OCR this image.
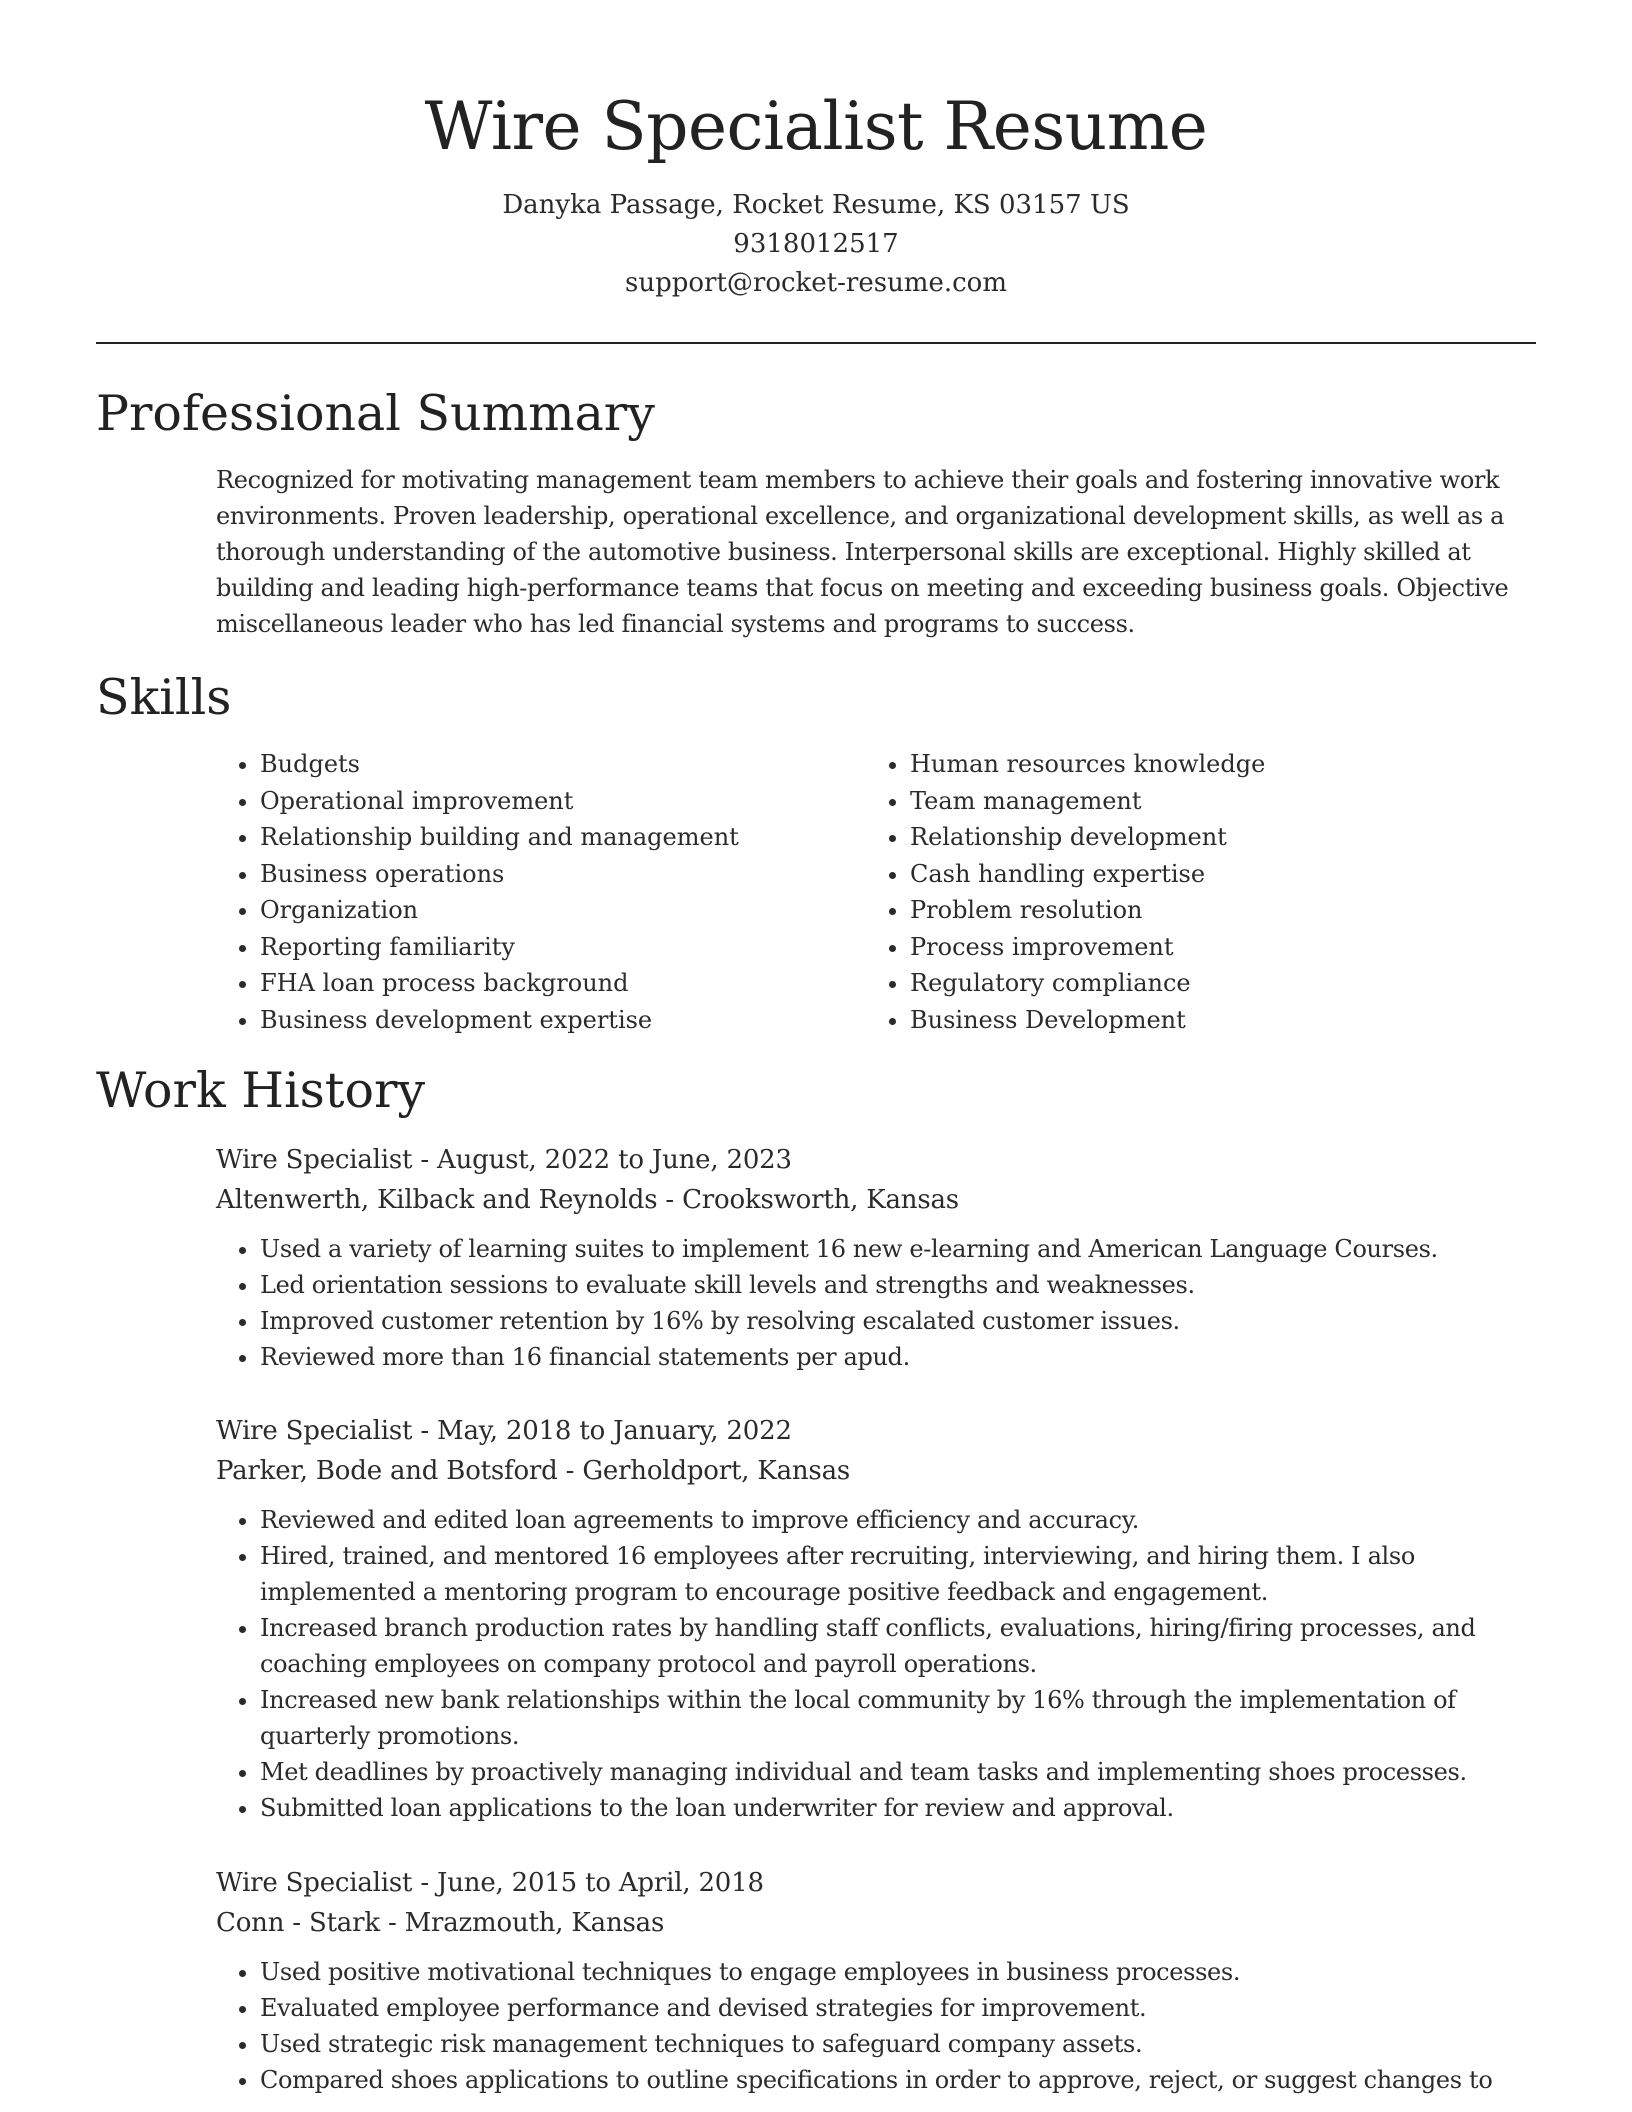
Wire Specialist Resume
Danyka Passage, Rocket Resume, KS 03157 US
9318012517
support@rocket-resume.com
Professional Summary

Recognized for motivating management team members to achieve their goals and fostering innovative work environments. Proven leadership, operational excellence, and organizational development skills, as well as a thorough understanding of the automotive business. Interpersonal skills are exceptional. Highly skilled at building and leading high-performance teams that focus on meeting and exceeding business goals. Objective miscellaneous leader who has led financial systems and programs to success.

Skills
• Budgets
• Operational improvement
• Relationship building and management
• Business operations
• Organization
• Reporting familiarity
• FHA loan process background
• Business development expertise
• Human resources knowledge
• Team management
• Relationship development
• Cash handling expertise
• Problem resolution
• Process improvement
• Regulatory compliance
• Business Development
Work History
Wire Specialist - August, 2022 to June, 2023
Altenwerth, Kilback and Reynolds - Crooksworth, Kansas
• Used a variety of learning suites to implement 16 new e-learning and American Language Courses.
• Led orientation sessions to evaluate skill levels and strengths and weaknesses.
• Improved customer retention by 16% by resolving escalated customer issues.
• Reviewed more than 16 financial statements per apud.
Wire Specialist - May, 2018 to January, 2022
Parker, Bode and Botsford - Gerholdport, Kansas
• Reviewed and edited loan agreements to improve efficiency and accuracy.
• Hired, trained, and mentored 16 employees after recruiting, interviewing, and hiring them. I also implemented a mentoring program to encourage positive feedback and engagement.
• Increased branch production rates by handling staff conflicts, evaluations, hiring/firing processes, and coaching employees on company protocol and payroll operations.
• Increased new bank relationships within the local community by 16% through the implementation of quarterly promotions.
• Met deadlines by proactively managing individual and team tasks and implementing shoes processes.
• Submitted loan applications to the loan underwriter for review and approval.
Wire Specialist - June, 2015 to April, 2018
Conn - Stark - Mrazmouth, Kansas
• Used positive motivational techniques to engage employees in business processes.
• Evaluated employee performance and devised strategies for improvement.
• Used strategic risk management techniques to safeguard company assets.
• Compared shoes applications to outline specifications in order to approve, reject, or suggest changes to
